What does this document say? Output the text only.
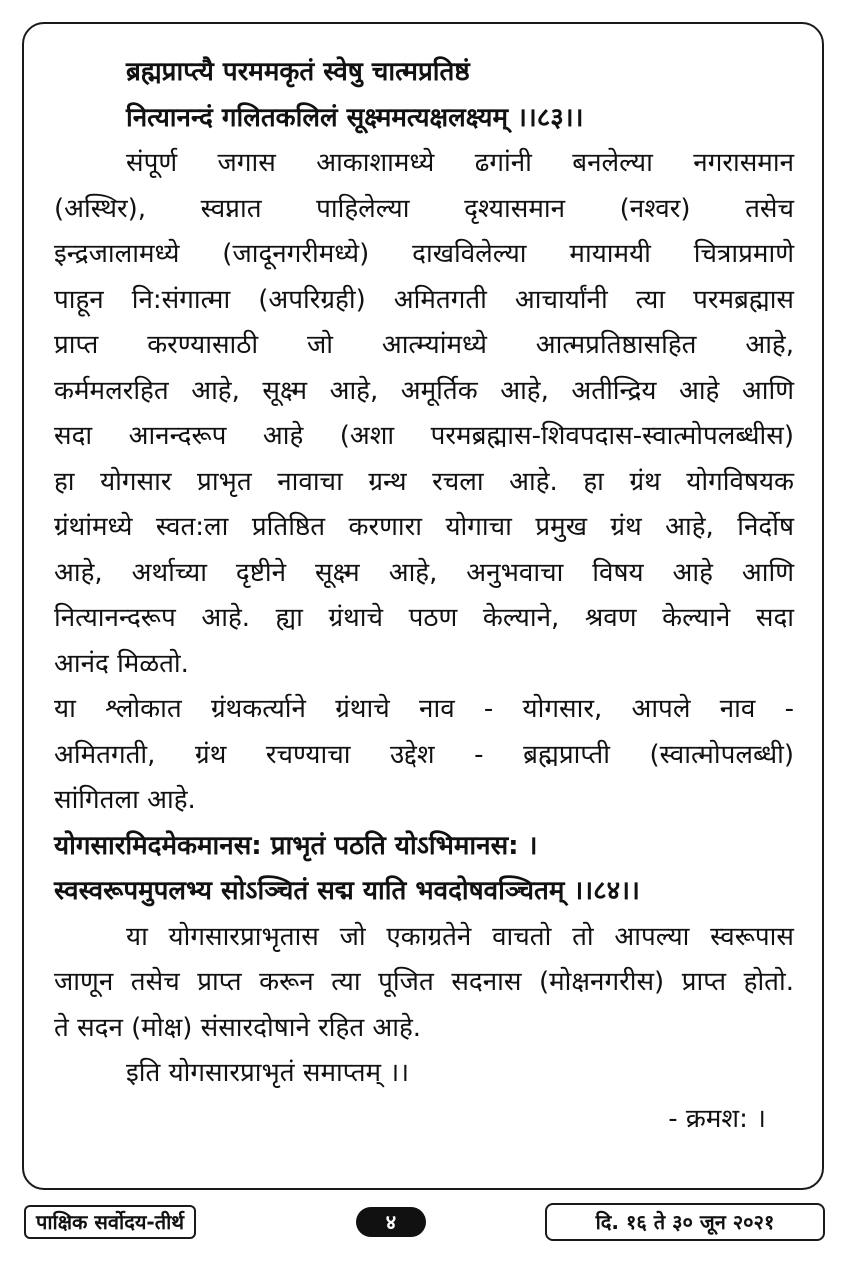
ब्रह्मप्राप्त्यै परममकृतं स्वेषु चात्मप्रतिष्ठं
नित्यानन्दं गलितकलिलं सूक्ष्ममत्यक्षलक्ष्यम् ।।८३।।
संपूर्ण जगास आकाशामध्ये ढगांनी बनलेल्या नगरासमान
(अस्थिर), स्वप्नात पाहिलेल्या दृश्यासमान (नश्वर) तसेच
इन्द्रजालामध्ये (जादूनगरीमध्ये) दाखविलेल्या मायामयी चित्राप्रमाणे
पाहून नि:संगात्मा (अपरिग्रही) अमितगती आचार्यांनी त्या परमब्रह्मास
प्राप्त करण्यासाठी जो आत्म्यांमध्ये आत्मप्रतिष्ठासहित आहे,
कर्ममलरहित आहे, सूक्ष्म आहे, अमूर्तिक आहे, अतीन्द्रिय आहे आणि
सदा आनन्दरूप आहे (अशा परमब्रह्मास-शिवपदास-स्वात्मोपलब्धीस)
हा योगसार प्राभृत नावाचा ग्रन्थ रचला आहे. हा ग्रंथ योगविषयक
ग्रंथांमध्ये स्वत:ला प्रतिष्ठित करणारा योगाचा प्रमुख ग्रंथ आहे, निर्दोष
आहे, अर्थाच्या दृष्टीने सूक्ष्म आहे, अनुभवाचा विषय आहे आणि
नित्यानन्दरूप आहे. ह्या ग्रंथाचे पठण केल्याने, श्रवण केल्याने सदा
आनंद मिळतो.
या श्लोकात ग्रंथकर्त्याने ग्रंथाचे नाव - योगसार, आपले नाव -
अमितगती, ग्रंथ रचण्याचा उद्देश - ब्रह्मप्राप्ती (स्वात्मोपलब्धी)
सांगितला आहे.
योगसारमिदमेकमानस: प्राभृतं पठति योऽभिमानस: ।
स्वस्वरूपमुपलभ्य सोऽञ्चितं सद्म याति भवदोषवञ्चितम् ।।८४।।
या योगसारप्राभृतास जो एकाग्रतेने वाचतो तो आपल्या स्वरूपास
जाणून तसेच प्राप्त करून त्या पूजित सदनास (मोक्षनगरीस) प्राप्त होतो.
ते सदन (मोक्ष) संसारदोषाने रहित आहे.
इति योगसारप्राभृतं समाप्तम् ।।
- क्रमश: ।
पाक्षिक सर्वोदय-तीर्थ	४	दि. १६ ते ३० जून २०२१
